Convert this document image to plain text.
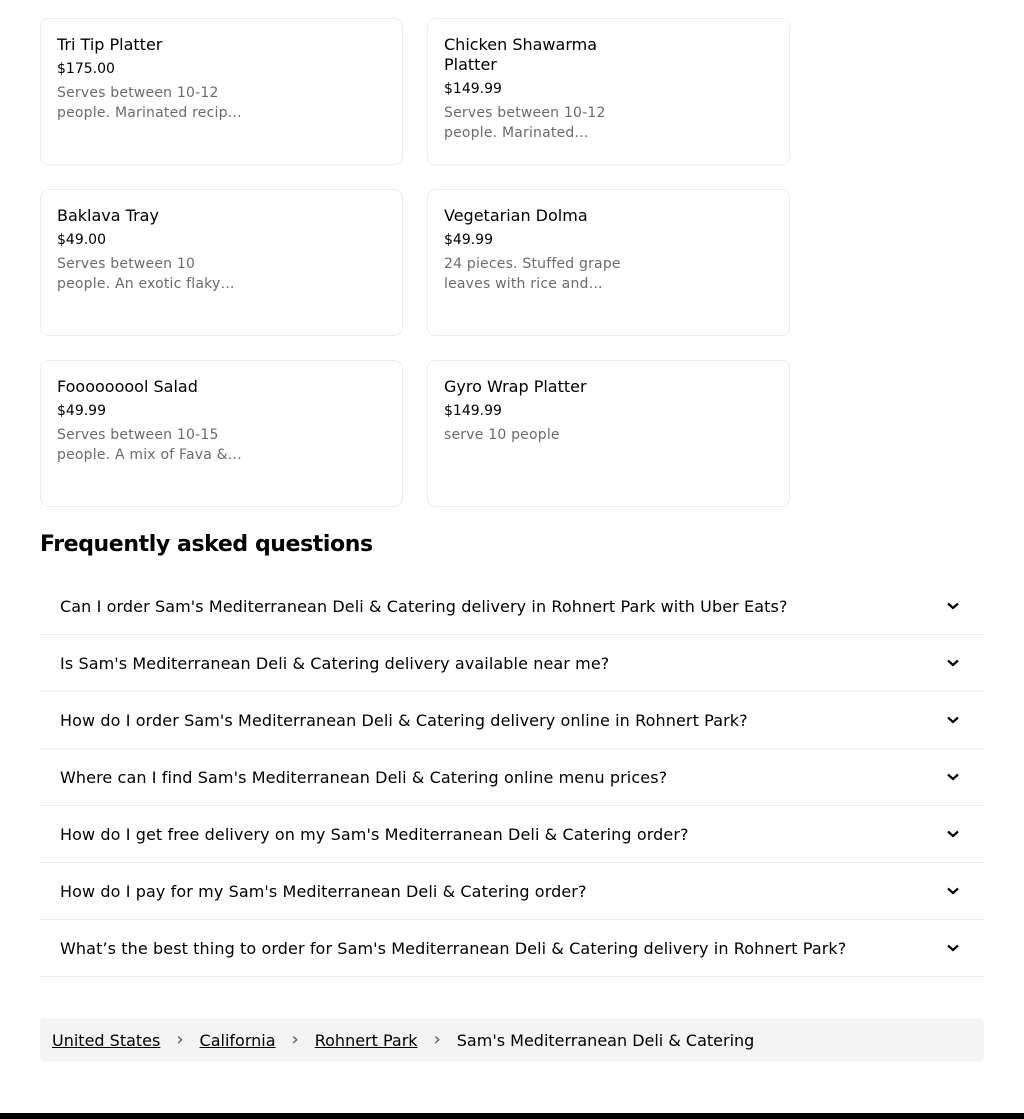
Tri Tip Platter
$175.00
Serves between 10-12 people. Marinated recip…
Chicken Shawarma Platter
$149.99
Serves between 10-12 people. Marinated…
Baklava Tray
$49.00
Serves between 10 people. An exotic flaky…
Vegetarian Dolma
$49.99
24 pieces. Stuffed grape leaves with rice and…
Fooooooool Salad
$49.99
Serves between 10-15 people. A mix of Fava &…
Gyro Wrap Platter
$149.99
serve 10 people
Frequently asked questions
Can I order Sam's Mediterranean Deli & Catering delivery in Rohnert Park with Uber Eats?
Is Sam's Mediterranean Deli & Catering delivery available near me?
How do I order Sam's Mediterranean Deli & Catering delivery online in Rohnert Park?
Where can I find Sam's Mediterranean Deli & Catering online menu prices?
How do I get free delivery on my Sam's Mediterranean Deli & Catering order?
How do I pay for my Sam's Mediterranean Deli & Catering order?
What’s the best thing to order for Sam's Mediterranean Deli & Catering delivery in Rohnert Park?
United States › California › Rohnert Park › Sam's Mediterranean Deli & Catering
